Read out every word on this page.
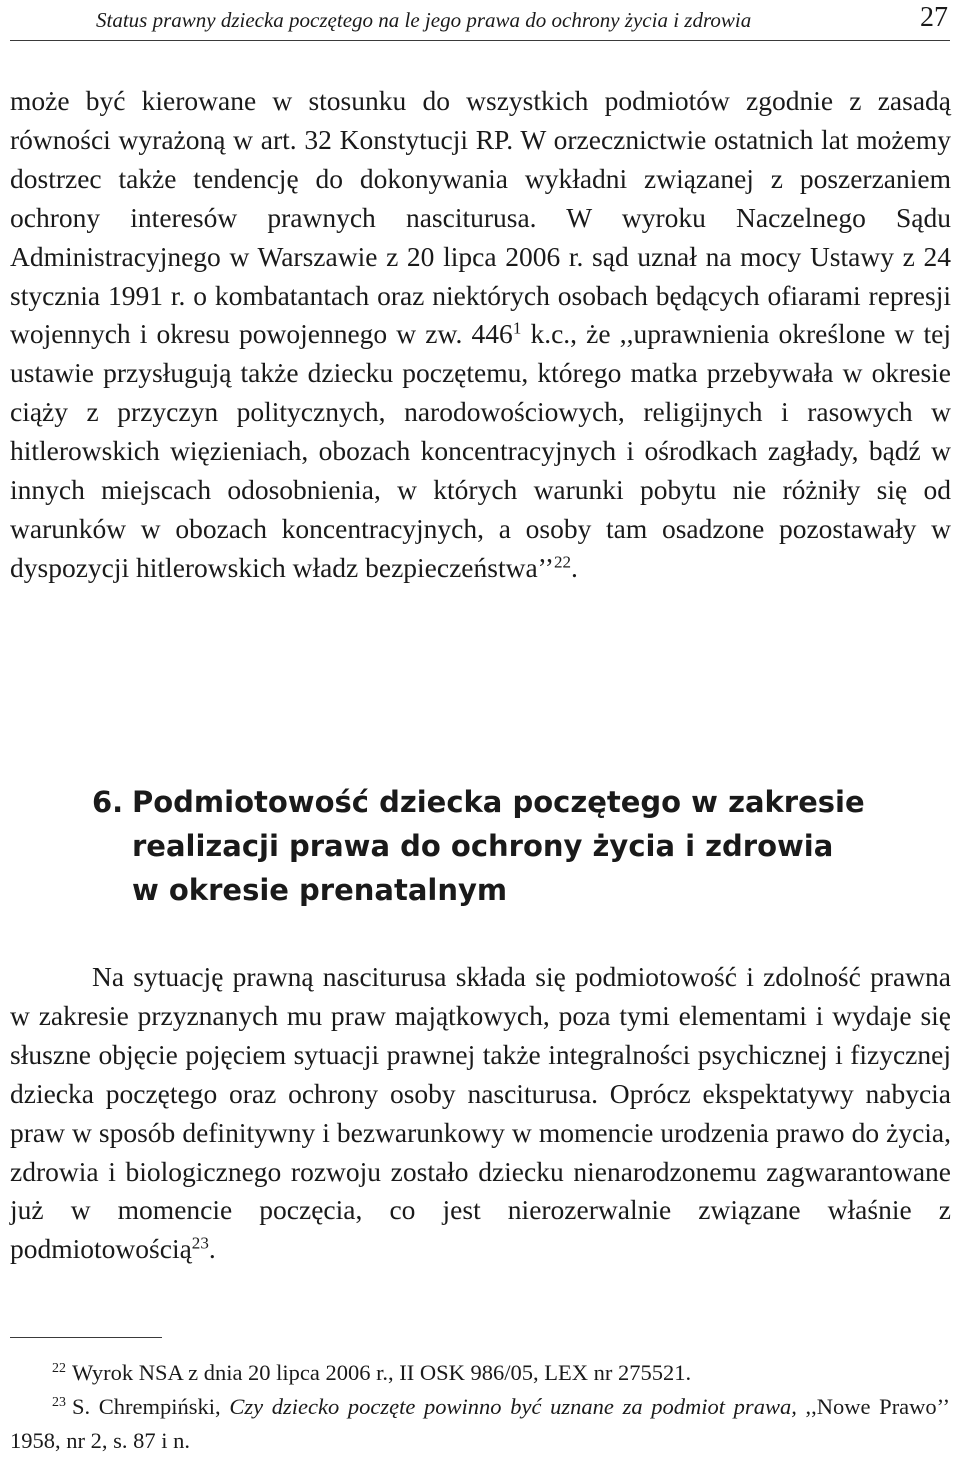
Status prawny dziecka poczętego na le jego prawa do ochrony życia i zdrowia	27

może być kierowane w stosunku do wszystkich podmiotów zgodnie z zasadą równości wyrażoną w art. 32 Konstytucji RP. W orzecznictwie ostatnich lat możemy dostrzec także tendencję do dokonywania wykładni związanej z poszerzaniem ochrony interesów prawnych nasciturusa. W wyroku Naczelnego Sądu Administracyjnego w Warszawie z 20 lipca 2006 r. sąd uznał na mocy Ustawy z 24 stycznia 1991 r. o kombatantach oraz niektórych osobach będących ofiarami represji wojennych i okresu powojennego w zw. $446^1$ k.c., że ,,uprawnienia określone w tej ustawie przysługują także dziecku poczętemu, którego matka przebywała w okresie ciąży z przyczyn politycznych, narodowościowych, religijnych i rasowych w hitlerowskich więzieniach, obozach koncentracyjnych i ośrodkach zagłady, bądź w innych miejscach odosobnienia, w których warunki pobytu nie różniły się od warunków w obozach koncentracyjnych, a osoby tam osadzone pozostawały w dyspozycji hitlerowskich władz bezpieczeństwa’’$^{22}$.

6. Podmiotowość dziecka poczętego w zakresie
realizacji prawa do ochrony życia i zdrowia
w okresie prenatalnym

Na sytuację prawną nasciturusa składa się podmiotowość i zdolność prawna w zakresie przyznanych mu praw majątkowych, poza tymi elementami i wydaje się słuszne objęcie pojęciem sytuacji prawnej także integralności psychicznej i fizycznej dziecka poczętego oraz ochrony osoby nasciturusa. Oprócz ekspektatywy nabycia praw w sposób definitywny i bezwarunkowy w momencie urodzenia prawo do życia, zdrowia i biologicznego rozwoju zostało dziecku nienarodzonemu zagwarantowane już w momencie poczęcia, co jest nierozerwalnie związane właśnie z podmiotowością$^{23}$.

$^{22}$ Wyrok NSA z dnia 20 lipca 2006 r., II OSK 986/05, LEX nr 275521.
$^{23}$ S. Chrempiński, Czy dziecko poczęte powinno być uznane za podmiot prawa, ,,Nowe Prawo’’ 1958, nr 2, s. 87 i n.
